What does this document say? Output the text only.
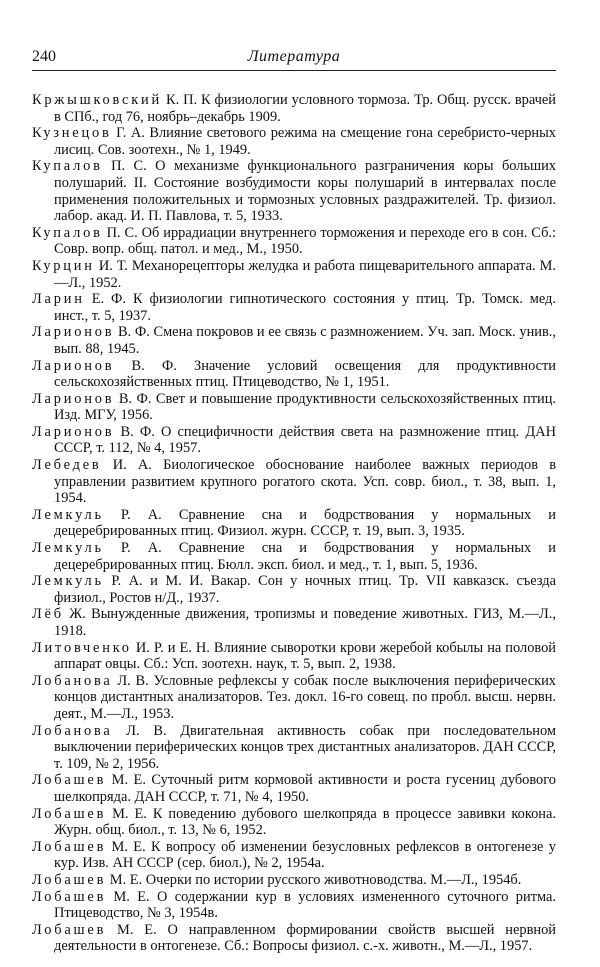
240	Литература

Кржышковский К. П. К физиологии условного тормоза. Тр. Общ. русск. врачей в СПб., год 76, ноябрь–декабрь 1909.

Кузнецов Г. А. Влияние светового режима на смещение гона серебристо-черных лисиц. Сов. зоотехн., № 1, 1949.

Купалов П. С. О механизме функционального разграничения коры больших полушарий. II. Состояние возбудимости коры полушарий в интервалах после применения положительных и тормозных условных раздражителей. Тр. физиол. лабор. акад. И. П. Павлова, т. 5, 1933.

Купалов П. С. Об иррадиации внутреннего торможения и переходе его в сон. Сб.: Совр. вопр. общ. патол. и мед., М., 1950.

Курцин И. Т. Механорецепторы желудка и работа пищеварительного аппарата. М.—Л., 1952.

Ларин Е. Ф. К физиологии гипнотического состояния у птиц. Тр. Томск. мед. инст., т. 5, 1937.

Ларионов В. Ф. Смена покровов и ее связь с размножением. Уч. зап. Моск. унив., вып. 88, 1945.

Ларионов В. Ф. Значение условий освещения для продуктивности сельскохозяйственных птиц. Птицеводство, № 1, 1951.

Ларионов В. Ф. Свет и повышение продуктивности сельскохозяйственных птиц. Изд. МГУ, 1956.

Ларионов В. Ф. О специфичности действия света на размножение птиц. ДАН СССР, т. 112, № 4, 1957.

Лебедев И. А. Биологическое обоснование наиболее важных периодов в управлении развитием крупного рогатого скота. Усп. совр. биол., т. 38, вып. 1, 1954.

Лемкуль Р. А. Сравнение сна и бодрствования у нормальных и децеребрированных птиц. Физиол. журн. СССР, т. 19, вып. 3, 1935.

Лемкуль Р. А. Сравнение сна и бодрствования у нормальных и децеребрированных птиц. Бюлл. эксп. биол. и мед., т. 1, вып. 5, 1936.

Лемкуль Р. А. и М. И. Вакар. Сон у ночных птиц. Тр. VII кавказск. съезда физиол., Ростов н/Д., 1937.

Лёб Ж. Вынужденные движения, тропизмы и поведение животных. ГИЗ, М.—Л., 1918.

Литовченко И. Р. и Е. Н. Влияние сыворотки крови жеребой кобылы на половой аппарат овцы. Сб.: Усп. зоотехн. наук, т. 5, вып. 2, 1938.

Лобанова Л. В. Условные рефлексы у собак после выключения периферических концов дистантных анализаторов. Тез. докл. 16-го совещ. по пробл. высш. нервн. деят., М.—Л., 1953.

Лобанова Л. В. Двигательная активность собак при последовательном выключении периферических концов трех дистантных анализаторов. ДАН СССР, т. 109, № 2, 1956.

Лобашев М. Е. Суточный ритм кормовой активности и роста гусениц дубового шелкопряда. ДАН СССР, т. 71, № 4, 1950.

Лобашев М. Е. К поведению дубового шелкопряда в процессе завивки кокона. Журн. общ. биол., т. 13, № 6, 1952.

Лобашев М. Е. К вопросу об изменении безусловных рефлексов в онтогенезе у кур. Изв. АН СССР (сер. биол.), № 2, 1954а.

Лобашев М. Е. Очерки по истории русского животноводства. М.—Л., 1954б.

Лобашев М. Е. О содержании кур в условиях измененного суточного ритма. Птицеводство, № 3, 1954в.

Лобашев М. Е. О направленном формировании свойств высшей нервной деятельности в онтогенезе. Сб.: Вопросы физиол. с.-х. животн., М.—Л., 1957.
